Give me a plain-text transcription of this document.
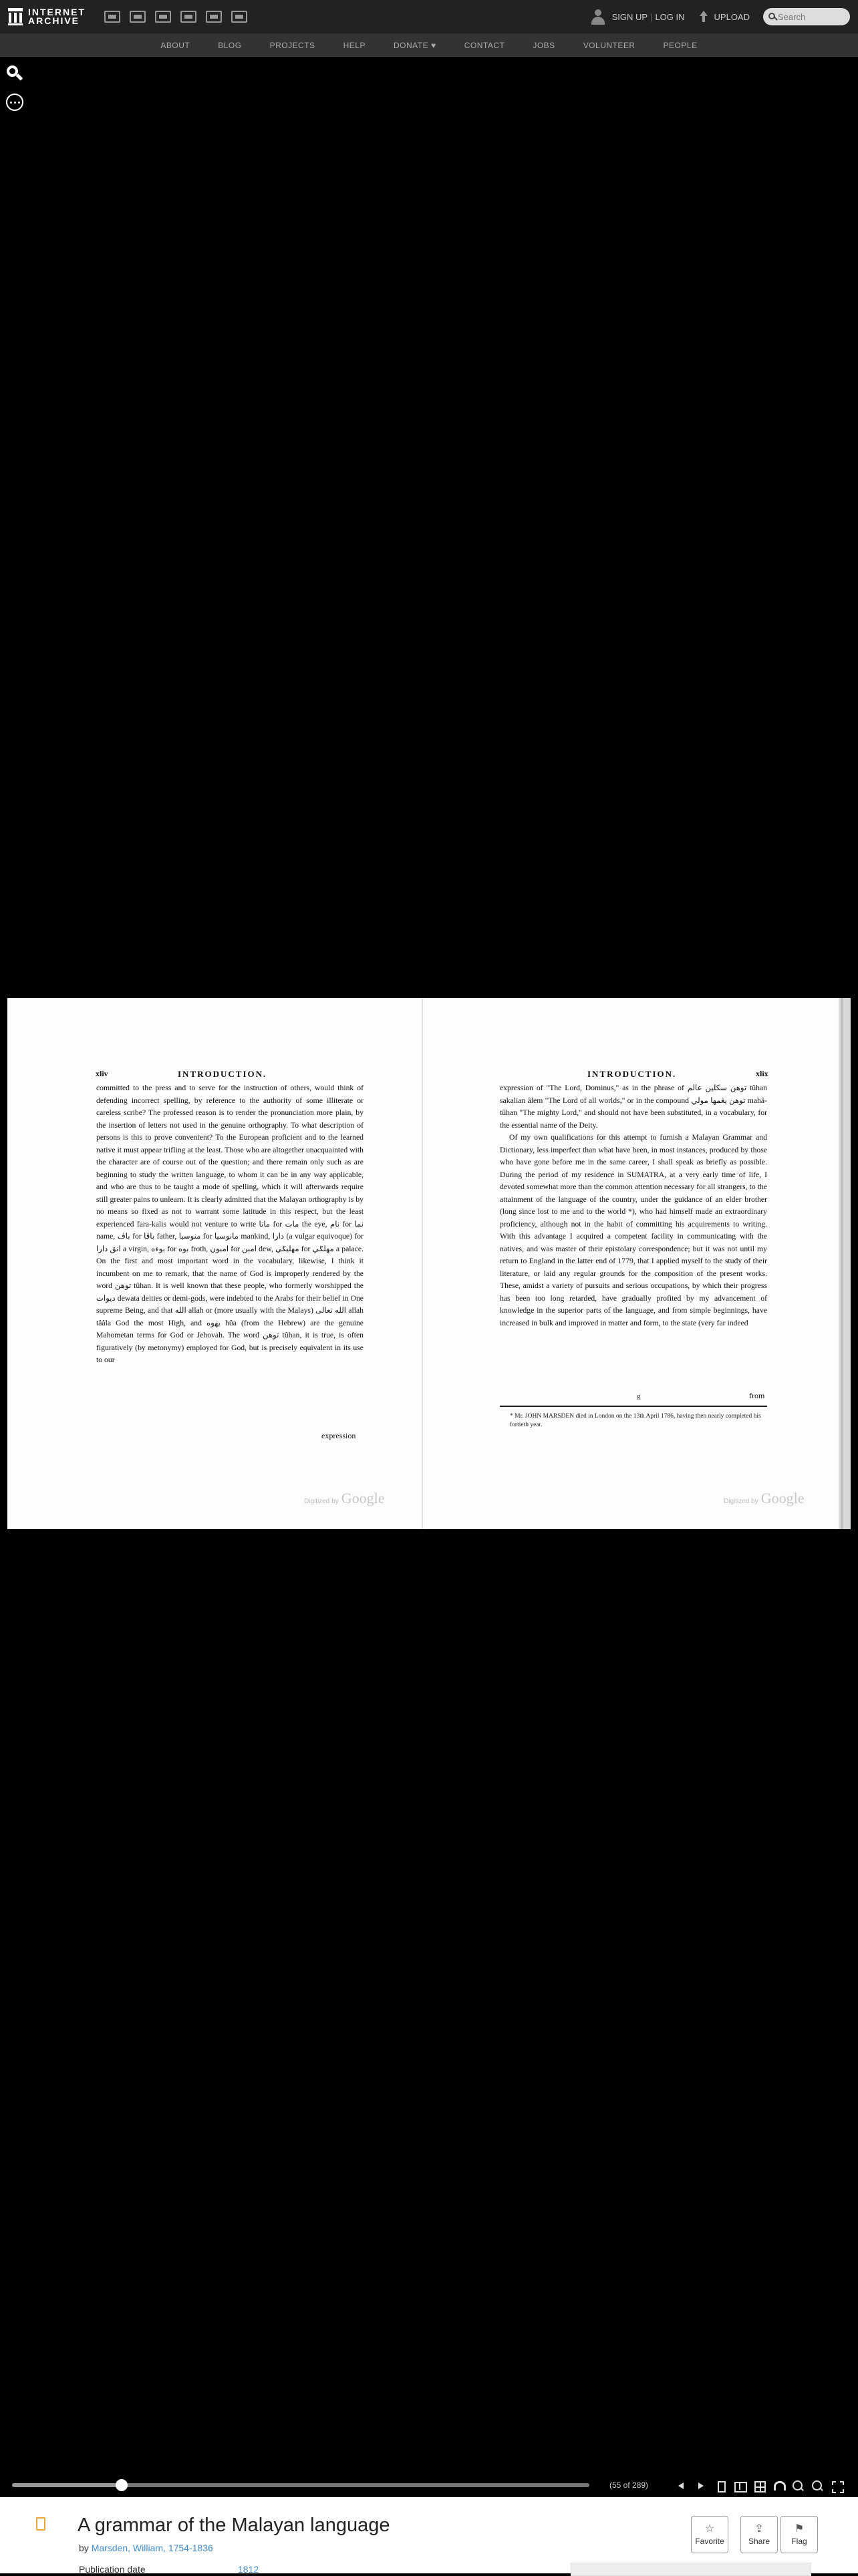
INTERNET
ARCHIVE	SIGN UP | LOG IN	UPLOAD
Search
ABOUT	BLOG	PROJECTS	HELP	DONATE ♥	CONTACT	JOBS	VOLUNTEER	PEOPLE
xliv	INTRODUCTION.

committed to the press and to serve for the instruction of others, would think of defending incorrect spelling, by reference to the authority of some illiterate or careless scribe? The professed reason is to render the pronunciation more plain, by the insertion of letters not used in the genuine orthography. To what description of persons is this to prove convenient? To the European proficient and to the learned native it must appear trifling at the least. Those who are altogether unacquainted with the character are of course out of the question; and there remain only such as are beginning to study the written language, to whom it can be in any way applicable, and who are thus to be taught a mode of spelling, which it will afterwards require still greater pains to unlearn. It is clearly admitted that the Malayan orthography is by no means so fixed as not to warrant some latitude in this respect, but the least experienced fara-kalis would not venture to write ماتا for مات the eye, نام for نما name, باڤ for باڤا father, منوسيا for مانوسيا mankind, دارا (a vulgar equivoque) for انق دارا a virgin, بوءه for بوه froth, امبون for امبن dew, مهليݢي for مهلݢي a palace. On the first and most important word in the vocabulary, likewise, I think it incumbent on me to remark, that the name of God is improperly rendered by the word توهن tûhan. It is well known that these people, who formerly worshipped the ديوات dewata deities or demi-gods, were indebted to the Arabs for their belief in One supreme Being, and that الله allah or (more usually with the Malays) الله تعالى allah tââla God the most High, and يهوه hûa (from the Hebrew) are the genuine Mahometan terms for God or Jehovah. The word توهن tûhan, it is true, is often figuratively (by metonymy) employed for God, but is precisely equivalent in its use to our

expression
Digitized by Google
INTRODUCTION.	xlix

expression of "The Lord, Dominus," as in the phrase of توهن سكلين عالم tûhan sakalian âlem "The Lord of all worlds," or in the compound توهن يڠمها مولي mahâ-tûhan "The mighty Lord," and should not have been substituted, in a vocabulary, for the essential name of the Deity.

Of my own qualifications for this attempt to furnish a Malayan Grammar and Dictionary, less imperfect than what have been, in most instances, produced by those who have gone before me in the same career, I shall speak as briefly as possible. During the period of my residence in SUMATRA, at a very early time of life, I devoted somewhat more than the common attention necessary for all strangers, to the attainment of the language of the country, under the guidance of an elder brother (long since lost to me and to the world *), who had himself made an extraordinary proficiency, although not in the habit of committing his acquirements to writing. With this advantage I acquired a competent facility in communicating with the natives, and was master of their epistolary correspondence; but it was not until my return to England in the latter end of 1779, that I applied myself to the study of their literature, or laid any regular grounds for the composition of the present works. These, amidst a variety of pursuits and serious occupations, by which their progress has been too long retarded, have gradually profited by my advancement of knowledge in the superior parts of the language, and from simple beginnings, have increased in bulk and improved in matter and form, to the state (very far indeed

from
g
* Mr. JOHN MARSDEN died in London on the 13th April 1786, having then nearly completed his fortieth year.
Digitized by Google
(55 of 289)
A grammar of the Malayan language
by Marsden, William, 1754-1836
Publication date	1812
☆
Favorite
⇪
Share
⚑
Flag
